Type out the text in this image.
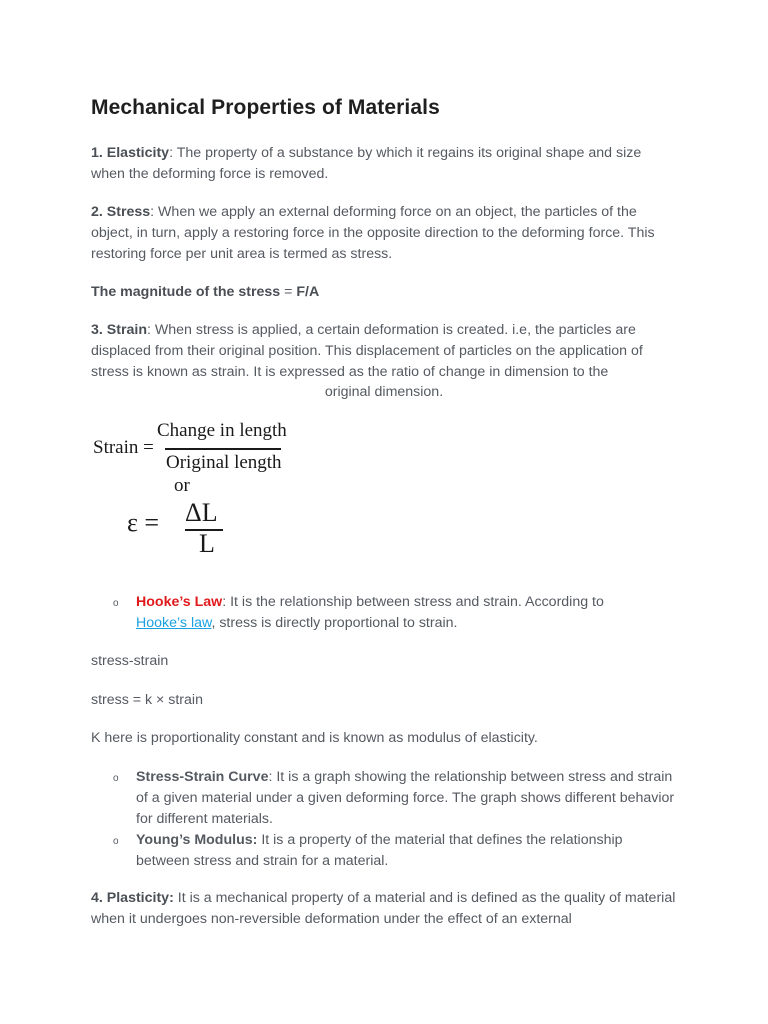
Mechanical Properties of Materials

1. Elasticity: The property of a substance by which it regains its original shape and size when the deforming force is removed.

2. Stress: When we apply an external deforming force on an object, the particles of the object, in turn, apply a restoring force in the opposite direction to the deforming force. This restoring force per unit area is termed as stress.

The magnitude of the stress = F/A

3. Strain: When stress is applied, a certain deformation is created. i.e, the particles are displaced from their original position. This displacement of particles on the application of stress is known as strain. It is expressed as the ratio of change in dimension to the
original dimension.

Strain =
Change in length
Original length
or
ε = ΔL
L
o Hooke’s Law: It is the relationship between stress and strain. According to Hooke’s law, stress is directly proportional to strain.

stress-strain

stress = k × strain

K here is proportionality constant and is known as modulus of elasticity.

o Stress-Strain Curve: It is a graph showing the relationship between stress and strain of a given material under a given deforming force. The graph shows different behavior for different materials.

o Young’s Modulus: It is a property of the material that defines the relationship between stress and strain for a material.

4. Plasticity: It is a mechanical property of a material and is defined as the quality of material when it undergoes non-reversible deformation under the effect of an external
